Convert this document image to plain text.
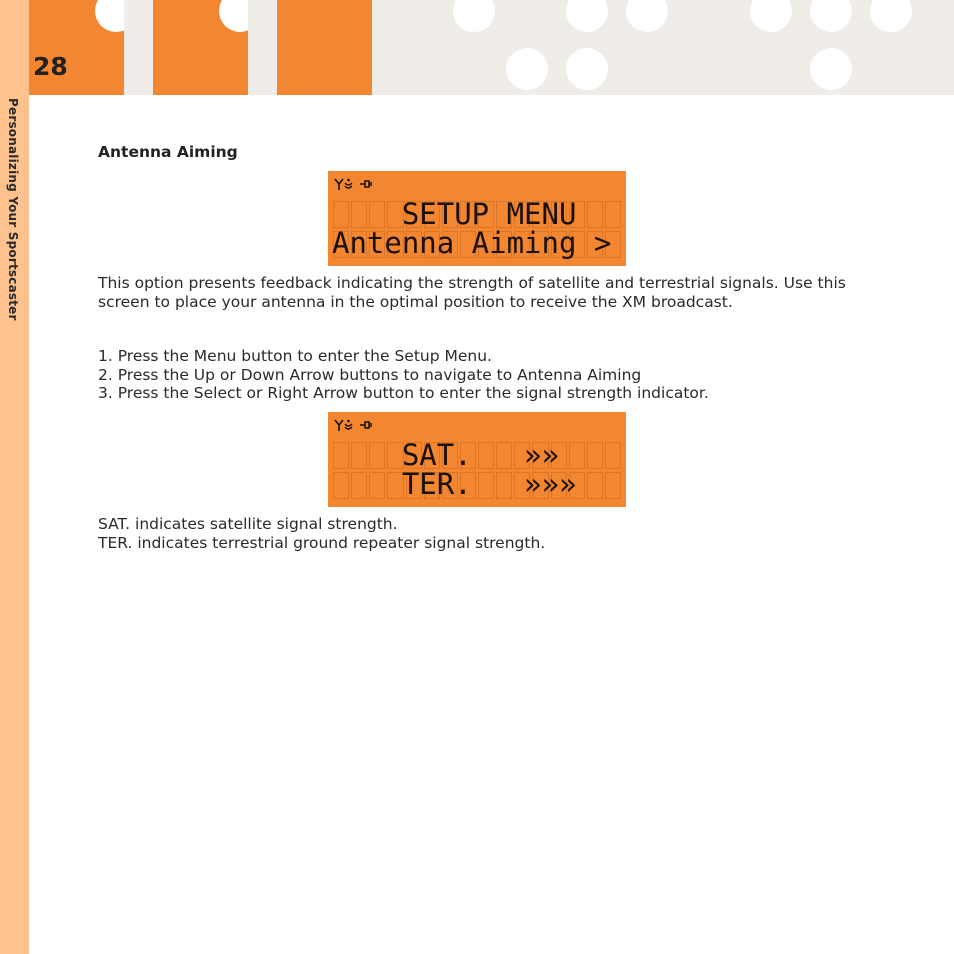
Personalizing Your Sportscaster
28
Antenna Aiming
SETUP MENU
Antenna Aiming >

This option presents feedback indicating the strength of satellite and terrestrial signals. Use this screen to place your antenna in the optimal position to receive the XM broadcast.

1. Press the Menu button to enter the Setup Menu.
2. Press the Up or Down Arrow buttons to navigate to Antenna Aiming
3. Press the Select or Right Arrow button to enter the signal strength indicator.
SAT.   »»
TER.   »»»

SAT. indicates satellite signal strength.

TER. indicates terrestrial ground repeater signal strength.
